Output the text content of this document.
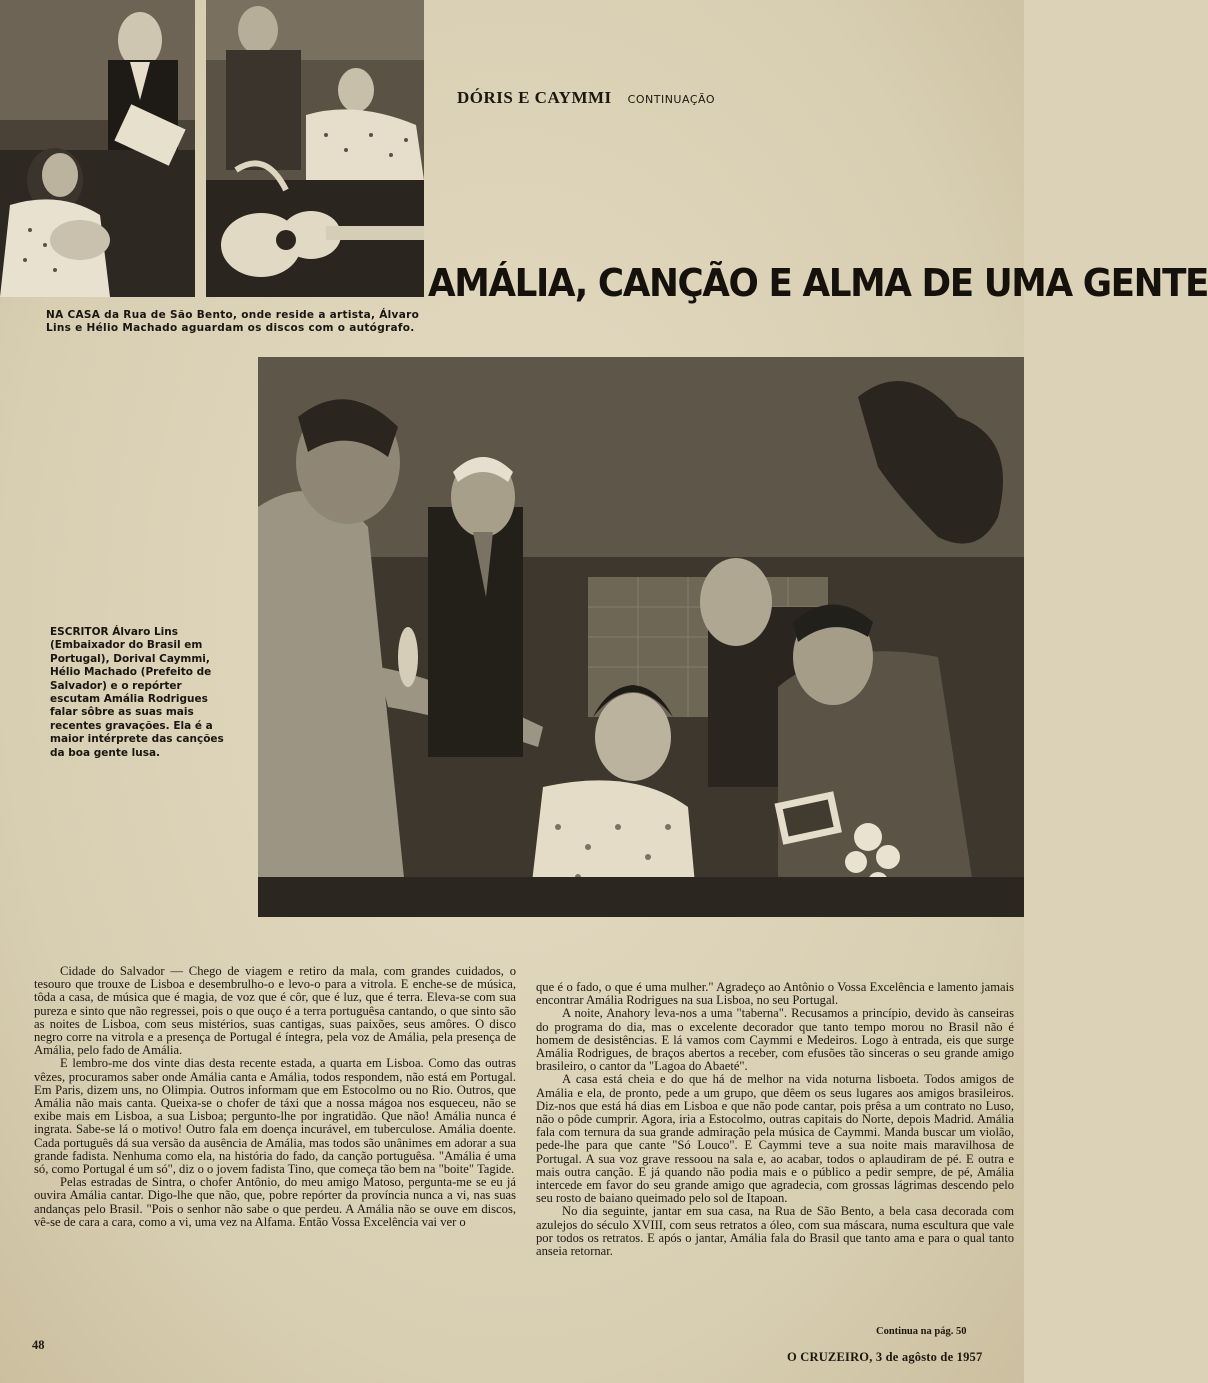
NA CASA da Rua de São Bento, onde reside a artista, Álvaro Lins e Hélio Machado aguardam os discos com o autógrafo.
DÓRIS E CAYMMI CONTINUAÇÃO
AMÁLIA, CANÇÃO E ALMA DE UMA GENTE
ESCRITOR Álvaro Lins (Embaixador do Brasil em Portugal), Dorival Caymmi, Hélio Machado (Prefeito de Salvador) e o repórter escutam Amália Rodrigues falar sôbre as suas mais recentes gravações. Ela é a maior intérprete das canções da boa gente lusa.

Cidade do Salvador — Chego de viagem e retiro da mala, com grandes cuidados, o tesouro que trouxe de Lisboa e desembrulho-o e levo-o para a vitrola. E enche-se de música, tôda a casa, de música que é magia, de voz que é côr, que é luz, que é terra. Eleva-se com sua pureza e sinto que não regressei, pois o que ouço é a terra portuguêsa cantando, o que sinto são as noites de Lisboa, com seus mistérios, suas cantigas, suas paixões, seus amôres. O disco negro corre na vitrola e a presença de Portugal é íntegra, pela voz de Amália, pela presença de Amália, pelo fado de Amália.

E lembro-me dos vinte dias desta recente estada, a quarta em Lisboa. Como das outras vêzes, procuramos saber onde Amália canta e Amália, todos respondem, não está em Portugal. Em Paris, dizem uns, no Olimpia. Outros informam que em Estocolmo ou no Rio. Outros, que Amália não mais canta. Queixa-se o chofer de táxi que a nossa mágoa nos esqueceu, não se exibe mais em Lisboa, a sua Lisboa; pergunto-lhe por ingratidão. Que não! Amália nunca é ingrata. Sabe-se lá o motivo! Outro fala em doença incurável, em tuberculose. Amália doente. Cada português dá sua versão da ausência de Amália, mas todos são unânimes em adorar a sua grande fadista. Nenhuma como ela, na história do fado, da canção portuguêsa. "Amália é uma só, como Portugal é um só", diz o o jovem fadista Tino, que começa tão bem na "boite" Tagide.

Pelas estradas de Sintra, o chofer Antônio, do meu amigo Matoso, pergunta-me se eu já ouvira Amália cantar. Digo-lhe que não, que, pobre repórter da província nunca a vi, nas suas andanças pelo Brasil. "Pois o senhor não sabe o que perdeu. A Amália não se ouve em discos, vê-se de cara a cara, como a vi, uma vez na Alfama. Então Vossa Excelência vai ver o

que é o fado, o que é uma mulher." Agradeço ao Antônio o Vossa Excelência e lamento jamais encontrar Amália Rodrigues na sua Lisboa, no seu Portugal.

A noite, Anahory leva-nos a uma "taberna". Recusamos a princípio, devido às canseiras do programa do dia, mas o excelente decorador que tanto tempo morou no Brasil não é homem de desistências. E lá vamos com Caymmi e Medeiros. Logo à entrada, eis que surge Amália Rodrigues, de braços abertos a receber, com efusões tão sinceras o seu grande amigo brasileiro, o cantor da "Lagoa do Abaeté".

A casa está cheia e do que há de melhor na vida noturna lisboeta. Todos amigos de Amália e ela, de pronto, pede a um grupo, que dêem os seus lugares aos amigos brasileiros. Diz-nos que está há dias em Lisboa e que não pode cantar, pois prêsa a um contrato no Luso, não o pôde cumprir. Agora, iria a Estocolmo, outras capitais do Norte, depois Madrid. Amália fala com ternura da sua grande admiração pela música de Caymmi. Manda buscar um violão, pede-lhe para que cante "Só Louco". E Caymmi teve a sua noite mais maravilhosa de Portugal. A sua voz grave ressoou na sala e, ao acabar, todos o aplaudiram de pé. E outra e mais outra canção. E já quando não podia mais e o público a pedir sempre, de pé, Amália intercede em favor do seu grande amigo que agradecia, com grossas lágrimas descendo pelo seu rosto de baiano queimado pelo sol de Itapoan.

No dia seguinte, jantar em sua casa, na Rua de São Bento, a bela casa decorada com azulejos do século XVIII, com seus retratos a óleo, com sua máscara, numa escultura que vale por todos os retratos. E após o jantar, Amália fala do Brasil que tanto ama e para o qual tanto anseia retornar.

Continua na pág. 50
48
O CRUZEIRO, 3 de agôsto de 1957
